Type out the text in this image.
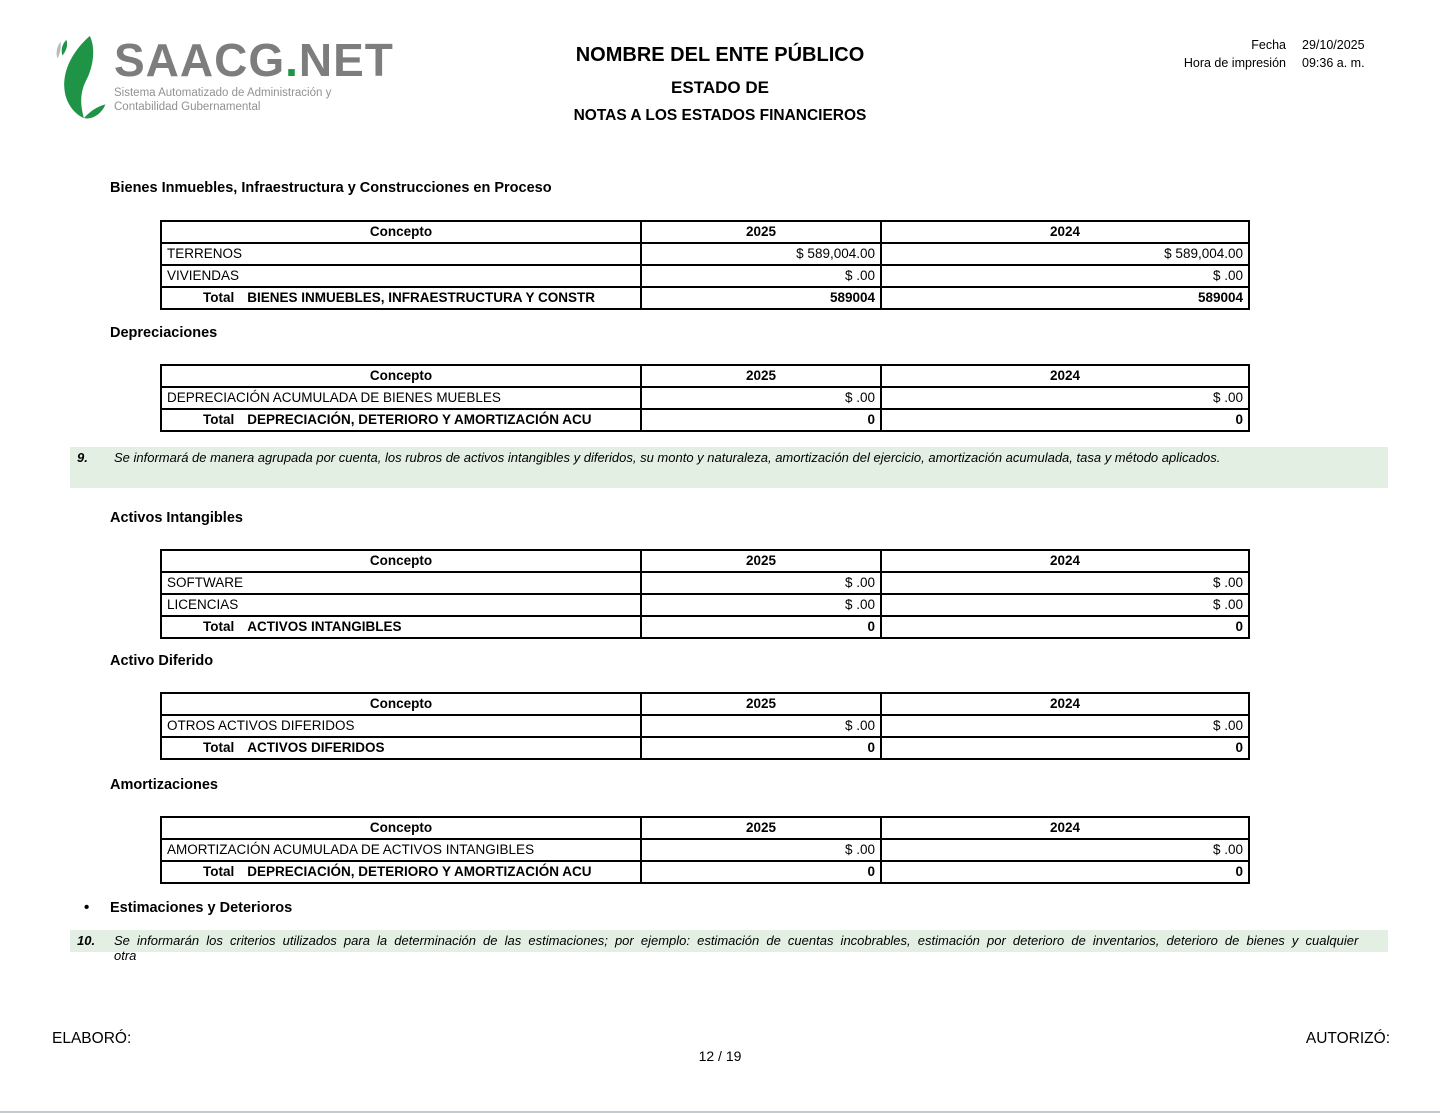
SAACG.NET
Sistema Automatizado de Administración y
Contabilidad Gubernamental
NOMBRE DEL ENTE PÚBLICO
ESTADO DE
NOTAS A LOS ESTADOS FINANCIEROS
Fecha 29/10/2025
Hora de impresión 09:36 a. m.
Bienes Inmuebles, Infraestructura y Construcciones en Proceso
Concepto	2025	2024
TERRENOS	$ 589,004.00	$ 589,004.00
VIVIENDAS	$ .00	$ .00
Total BIENES INMUEBLES, INFRAESTRUCTURA Y CONSTR	589004	589004
Depreciaciones
Concepto	2025	2024
DEPRECIACIÓN ACUMULADA DE BIENES MUEBLES	$ .00	$ .00
Total DEPRECIACIÓN, DETERIORO Y AMORTIZACIÓN ACU	0	0
9.	Se informará de manera agrupada por cuenta, los rubros de activos intangibles y diferidos, su monto y naturaleza, amortización del ejercicio, amortización acumulada, tasa y método aplicados.
Activos Intangibles
Concepto	2025	2024
SOFTWARE	$ .00	$ .00
LICENCIAS	$ .00	$ .00
Total ACTIVOS INTANGIBLES	0	0
Activo Diferido
Concepto	2025	2024
OTROS ACTIVOS DIFERIDOS	$ .00	$ .00
Total ACTIVOS DIFERIDOS	0	0
Amortizaciones
Concepto	2025	2024
AMORTIZACIÓN ACUMULADA DE ACTIVOS INTANGIBLES	$ .00	$ .00
Total DEPRECIACIÓN, DETERIORO Y AMORTIZACIÓN ACU	0	0
• Estimaciones y Deterioros
10.	Se informarán los criterios utilizados para la determinación de las estimaciones; por ejemplo: estimación de cuentas incobrables, estimación por deterioro de inventarios, deterioro de bienes y cualquier otra
ELABORÓ:	AUTORIZÓ:
12 / 19
